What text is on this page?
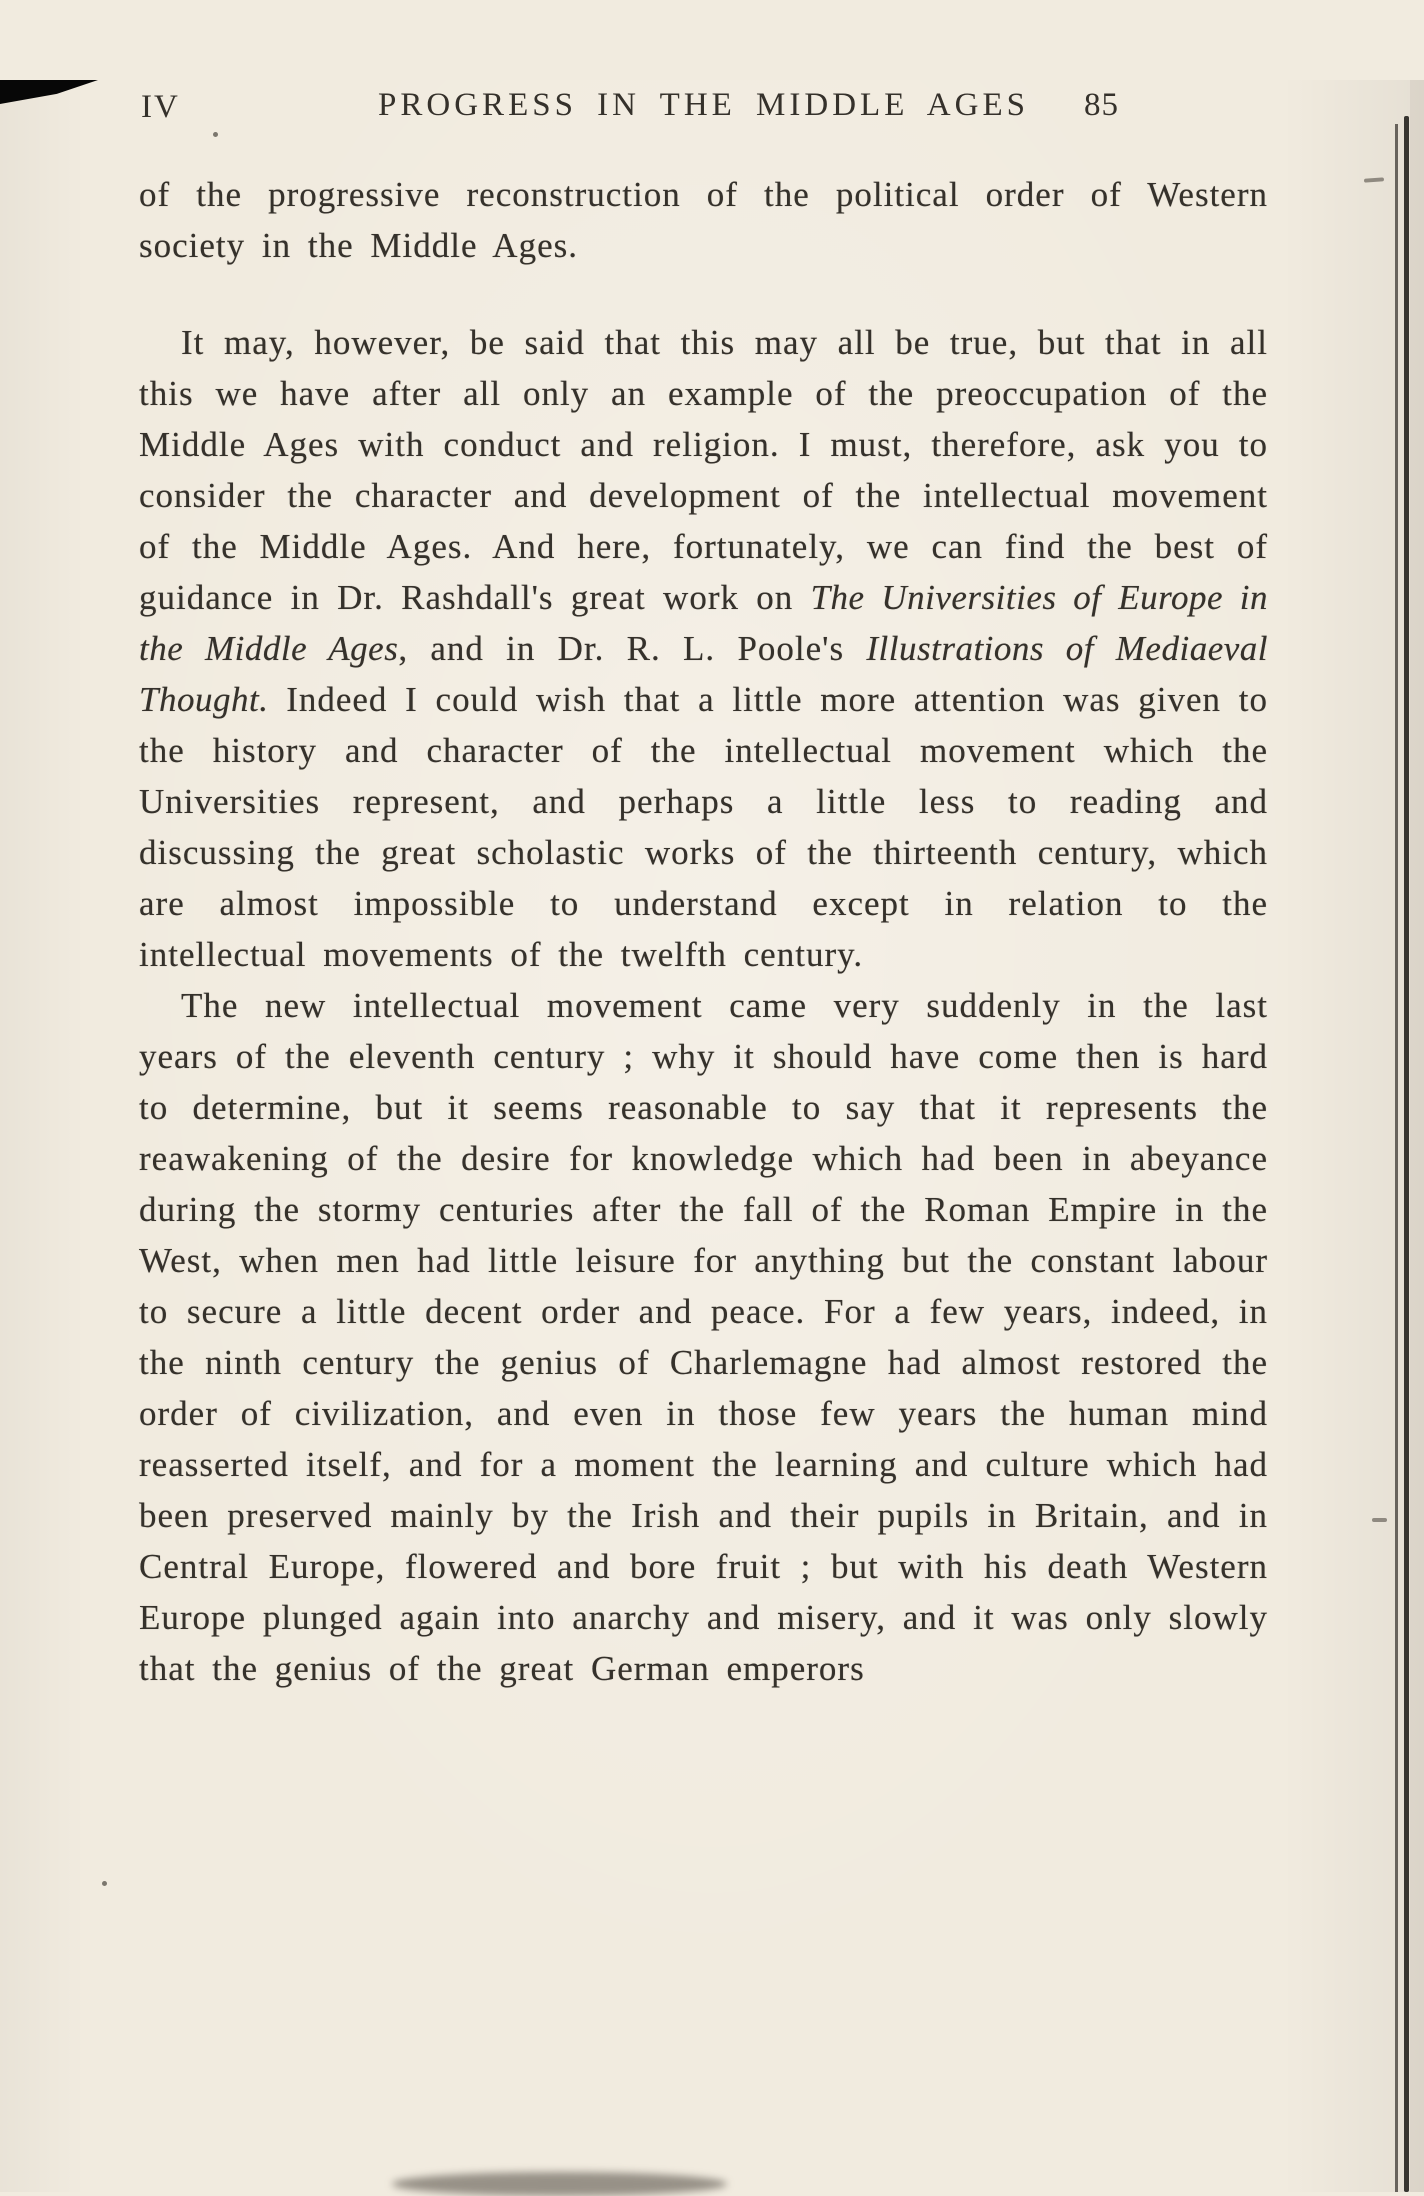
IV	PROGRESS IN THE MIDDLE AGES	85

of the progressive reconstruction of the political order of Western society in the Middle Ages.

It may, however, be said that this may all be true, but that in all this we have after all only an example of the preoccupation of the Middle Ages with conduct and religion. I must, therefore, ask you to consider the character and development of the intellectual movement of the Middle Ages. And here, fortunately, we can find the best of guidance in Dr. Rashdall's great work on The Universities of Europe in the Middle Ages, and in Dr. R. L. Poole's Illustrations of Mediaeval Thought. Indeed I could wish that a little more attention was given to the history and character of the intellectual movement which the Universities represent, and perhaps a little less to reading and discussing the great scholastic works of the thirteenth century, which are almost impossible to understand except in relation to the intellectual movements of the twelfth century.

The new intellectual movement came very suddenly in the last years of the eleventh century ; why it should have come then is hard to determine, but it seems reasonable to say that it represents the reawakening of the desire for knowledge which had been in abeyance during the stormy centuries after the fall of the Roman Empire in the West, when men had little leisure for anything but the constant labour to secure a little decent order and peace. For a few years, indeed, in the ninth century the genius of Charlemagne had almost restored the order of civilization, and even in those few years the human mind reasserted itself, and for a moment the learning and culture which had been preserved mainly by the Irish and their pupils in Britain, and in Central Europe, flowered and bore fruit ; but with his death Western Europe plunged again into anarchy and misery, and it was only slowly that the genius of the great German emperors
